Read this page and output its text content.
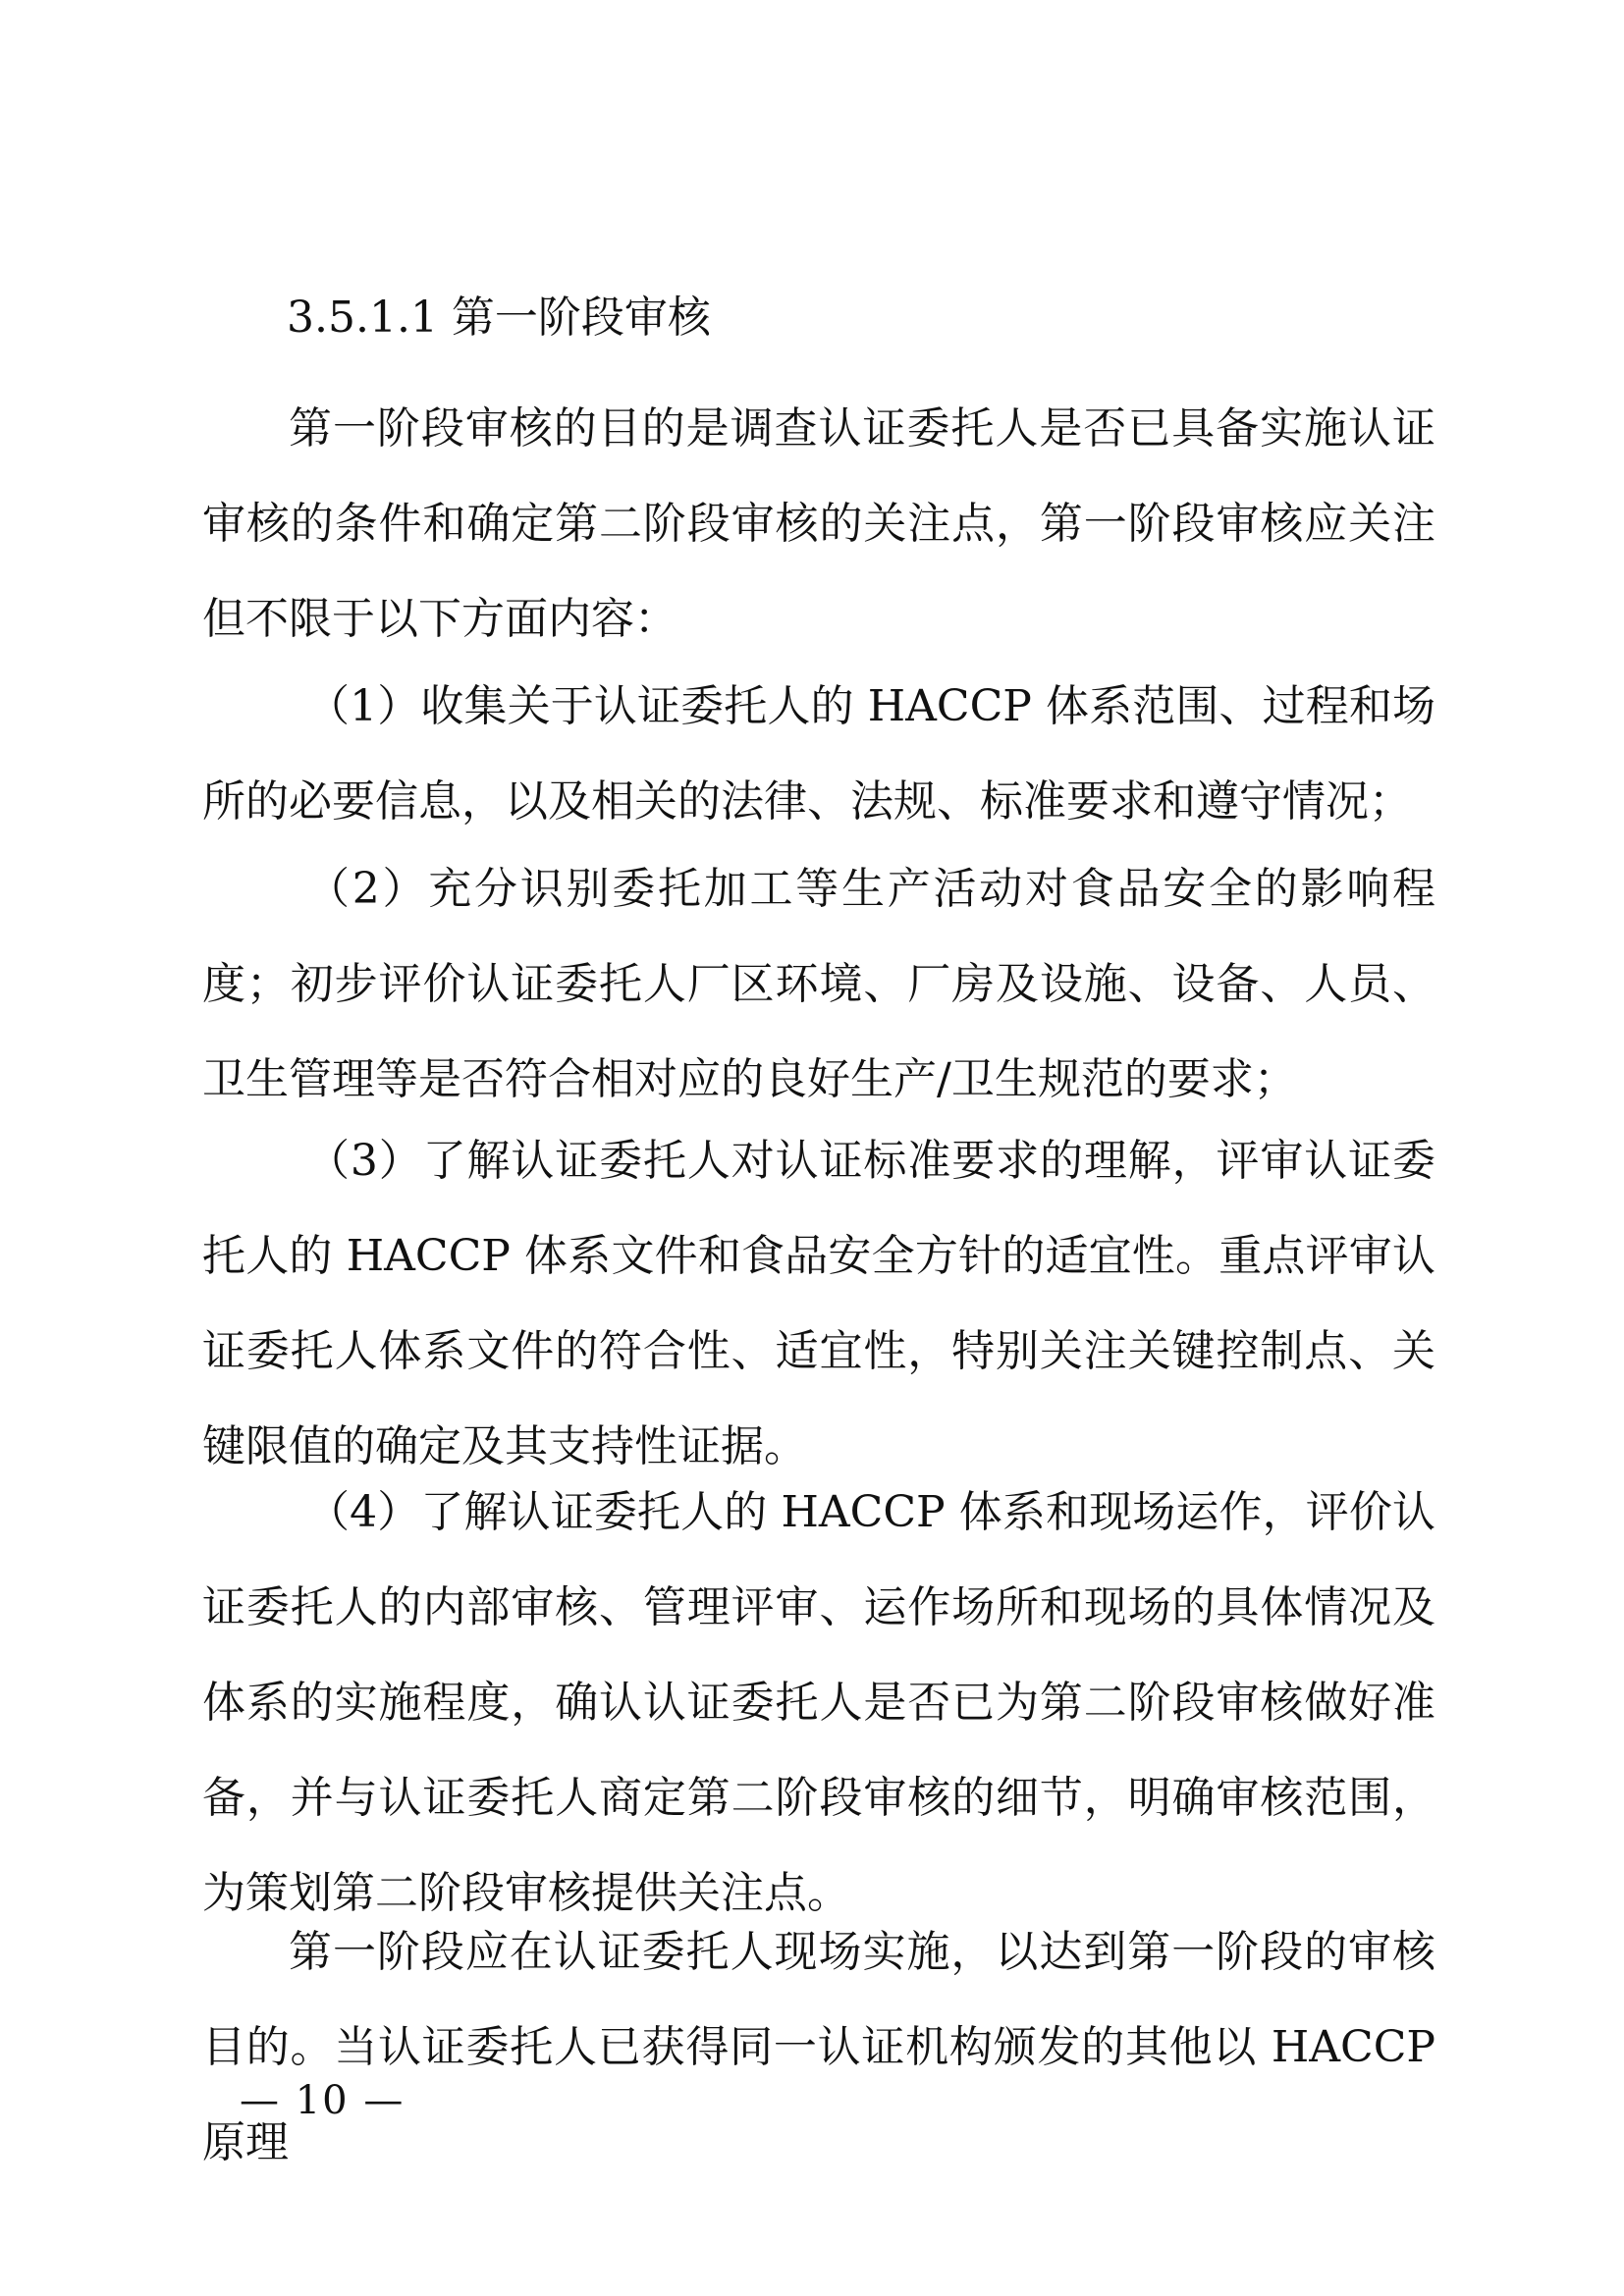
3.5.1.1 第一阶段审核

第一阶段审核的目的是调查认证委托人是否已具备实施认证审核的条件和确定第二阶段审核的关注点，第一阶段审核应关注但不限于以下方面内容：

（1）收集关于认证委托人的 HACCP 体系范围、过程和场所的必要信息，以及相关的法律、法规、标准要求和遵守情况；

（2）充分识别委托加工等生产活动对食品安全的影响程度；初步评价认证委托人厂区环境、厂房及设施、设备、人员、卫生管理等是否符合相对应的良好生产/卫生规范的要求；

（3）了解认证委托人对认证标准要求的理解，评审认证委托人的 HACCP 体系文件和食品安全方针的适宜性。重点评审认证委托人体系文件的符合性、适宜性，特别关注关键控制点、关键限值的确定及其支持性证据。

（4）了解认证委托人的 HACCP 体系和现场运作，评价认证委托人的内部审核、管理评审、运作场所和现场的具体情况及体系的实施程度，确认认证委托人是否已为第二阶段审核做好准备，并与认证委托人商定第二阶段审核的细节，明确审核范围，为策划第二阶段审核提供关注点。

第一阶段应在认证委托人现场实施，以达到第一阶段的审核目的。当认证委托人已获得同一认证机构颁发的其他以 HACCP 原理

— 10 —
